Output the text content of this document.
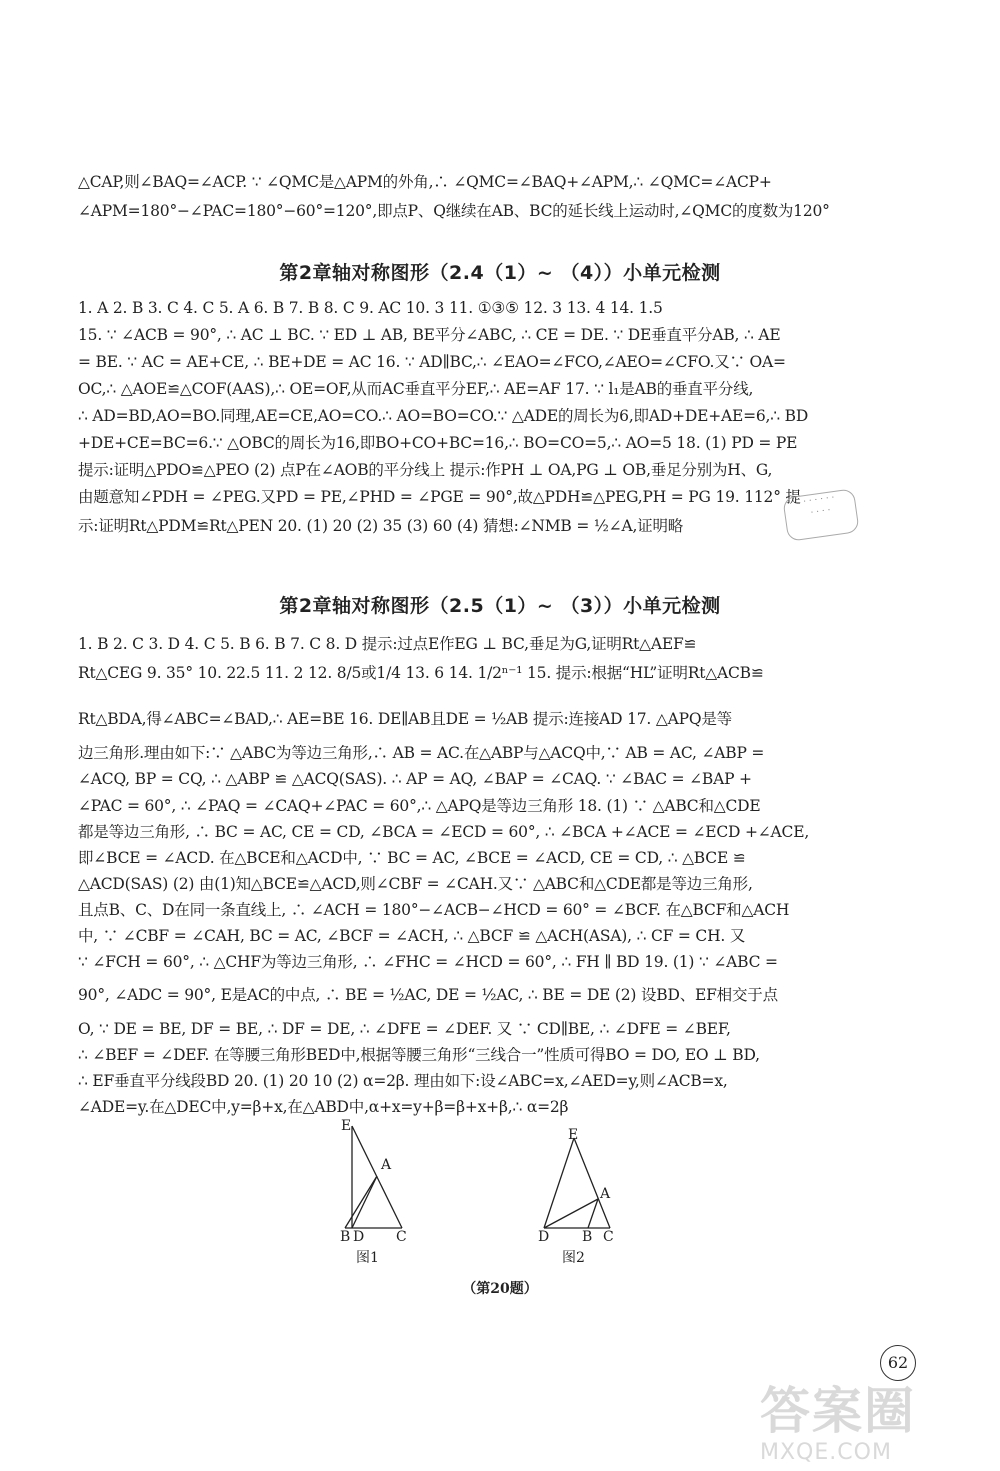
△CAP,则∠BAQ=∠ACP. ∵ ∠QMC是△APM的外角,∴ ∠QMC=∠BAQ+∠APM,∴ ∠QMC=∠ACP+
∠APM=180°−∠PAC=180°−60°=120°,即点P、Q继续在AB、BC的延长线上运动时,∠QMC的度数为120°
第2章轴对称图形（2.4（1）~ （4））小单元检测
1. A 2. B 3. C 4. C 5. A 6. B 7. B 8. C 9. AC 10. 3 11. ①③⑤ 12. 3 13. 4 14. 1.5
15. ∵ ∠ACB = 90°, ∴ AC ⊥ BC. ∵ ED ⊥ AB, BE平分∠ABC, ∴ CE = DE. ∵ DE垂直平分AB, ∴ AE
= BE. ∵ AC = AE+CE, ∴ BE+DE = AC 16. ∵ AD∥BC,∴ ∠EAO=∠FCO,∠AEO=∠CFO.又∵ OA=
OC,∴ △AOE≌△COF(AAS),∴ OE=OF,从而AC垂直平分EF,∴ AE=AF 17. ∵ l₁是AB的垂直平分线,
∴ AD=BD,AO=BO.同理,AE=CE,AO=CO.∴ AO=BO=CO.∵ △ADE的周长为6,即AD+DE+AE=6,∴ BD
+DE+CE=BC=6.∵ △OBC的周长为16,即BO+CO+BC=16,∴ BO=CO=5,∴ AO=5 18. (1) PD = PE
提示:证明△PDO≌△PEO (2) 点P在∠AOB的平分线上 提示:作PH ⊥ OA,PG ⊥ OB,垂足分别为H、G,
由题意知∠PDH = ∠PEG.又PD = PE,∠PHD = ∠PGE = 90°,故△PDH≌△PEG,PH = PG 19. 112° 提
示:证明Rt△PDM≌Rt△PEN 20. (1) 20 (2) 35 (3) 60 (4) 猜想:∠NMB = ½∠A,证明略
· · · · · ·
· · · ·
第2章轴对称图形（2.5（1）~ （3））小单元检测
1. B 2. C 3. D 4. C 5. B 6. B 7. C 8. D 提示:过点E作EG ⊥ BC,垂足为G,证明Rt△AEF≌
Rt△CEG 9. 35° 10. 22.5 11. 2 12. 8/5或1/4 13. 6 14. 1/2ⁿ⁻¹ 15. 提示:根据“HL”证明Rt△ACB≌
Rt△BDA,得∠ABC=∠BAD,∴ AE=BE 16. DE∥AB且DE = ½AB 提示:连接AD 17. △APQ是等
边三角形.理由如下:∵ △ABC为等边三角形,∴ AB = AC.在△ABP与△ACQ中,∵ AB = AC, ∠ABP =
∠ACQ, BP = CQ, ∴ △ABP ≌ △ACQ(SAS). ∴ AP = AQ, ∠BAP = ∠CAQ. ∵ ∠BAC = ∠BAP +
∠PAC = 60°, ∴ ∠PAQ = ∠CAQ+∠PAC = 60°,∴ △APQ是等边三角形 18. (1) ∵ △ABC和△CDE
都是等边三角形, ∴ BC = AC, CE = CD, ∠BCA = ∠ECD = 60°, ∴ ∠BCA +∠ACE = ∠ECD +∠ACE,
即∠BCE = ∠ACD. 在△BCE和△ACD中, ∵ BC = AC, ∠BCE = ∠ACD, CE = CD, ∴ △BCE ≌
△ACD(SAS) (2) 由(1)知△BCE≌△ACD,则∠CBF = ∠CAH.又∵ △ABC和△CDE都是等边三角形,
且点B、C、D在同一条直线上, ∴ ∠ACH = 180°−∠ACB−∠HCD = 60° = ∠BCF. 在△BCF和△ACH
中, ∵ ∠CBF = ∠CAH, BC = AC, ∠BCF = ∠ACH, ∴ △BCF ≌ △ACH(ASA), ∴ CF = CH. 又
∵ ∠FCH = 60°, ∴ △CHF为等边三角形, ∴ ∠FHC = ∠HCD = 60°, ∴ FH ∥ BD 19. (1) ∵ ∠ABC =
90°, ∠ADC = 90°, E是AC的中点, ∴ BE = ½AC, DE = ½AC, ∴ BE = DE (2) 设BD、EF相交于点
O, ∵ DE = BE, DF = BE, ∴ DF = DE, ∴ ∠DFE = ∠DEF. 又 ∵ CD∥BE, ∴ ∠DFE = ∠BEF,
∴ ∠BEF = ∠DEF. 在等腰三角形BED中,根据等腰三角形“三线合一”性质可得BO = DO, EO ⊥ BD,
∴ EF垂直平分线段BD 20. (1) 20 10 (2) α=2β. 理由如下:设∠ABC=x,∠AED=y,则∠ACB=x,
∠ADE=y.在△DEC中,y=β+x,在△ABD中,α+x=y+β=β+x+β,∴ α=2β
E
A
B D C
图1
E
A
D B C
图2
（第20题）
62
答案圈
MXQE.COM
